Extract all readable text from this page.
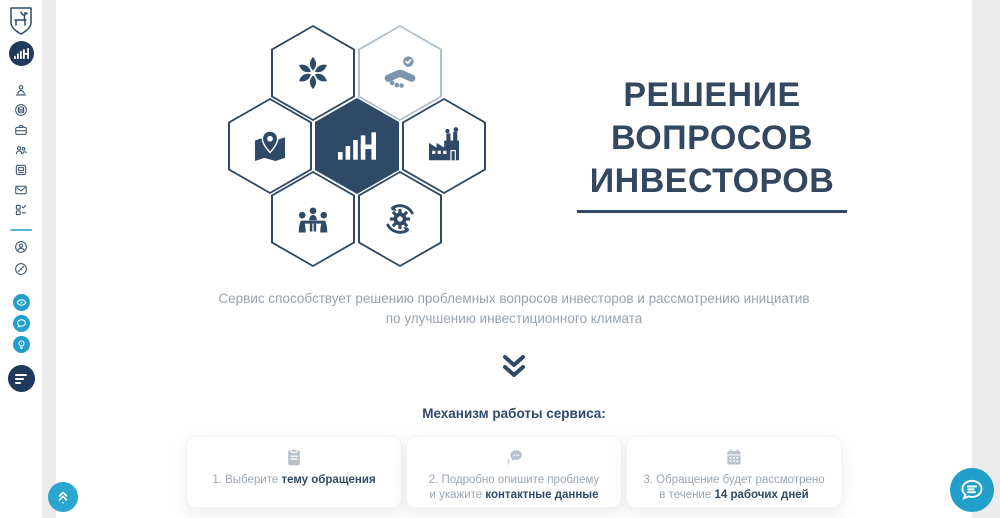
РЕШЕНИЕ
ВОПРОСОВ
ИНВЕСТОРОВ
Сервис способствует решению проблемных вопросов инвесторов и рассмотрению инициатив
по улучшению инвестиционного климата
Механизм работы сервиса:
1. Выберите тему обращения	2. Подробно опишите проблему
и укажите контактные данные
3. Обращение будет рассмотрено
в течение 14 рабочих дней
